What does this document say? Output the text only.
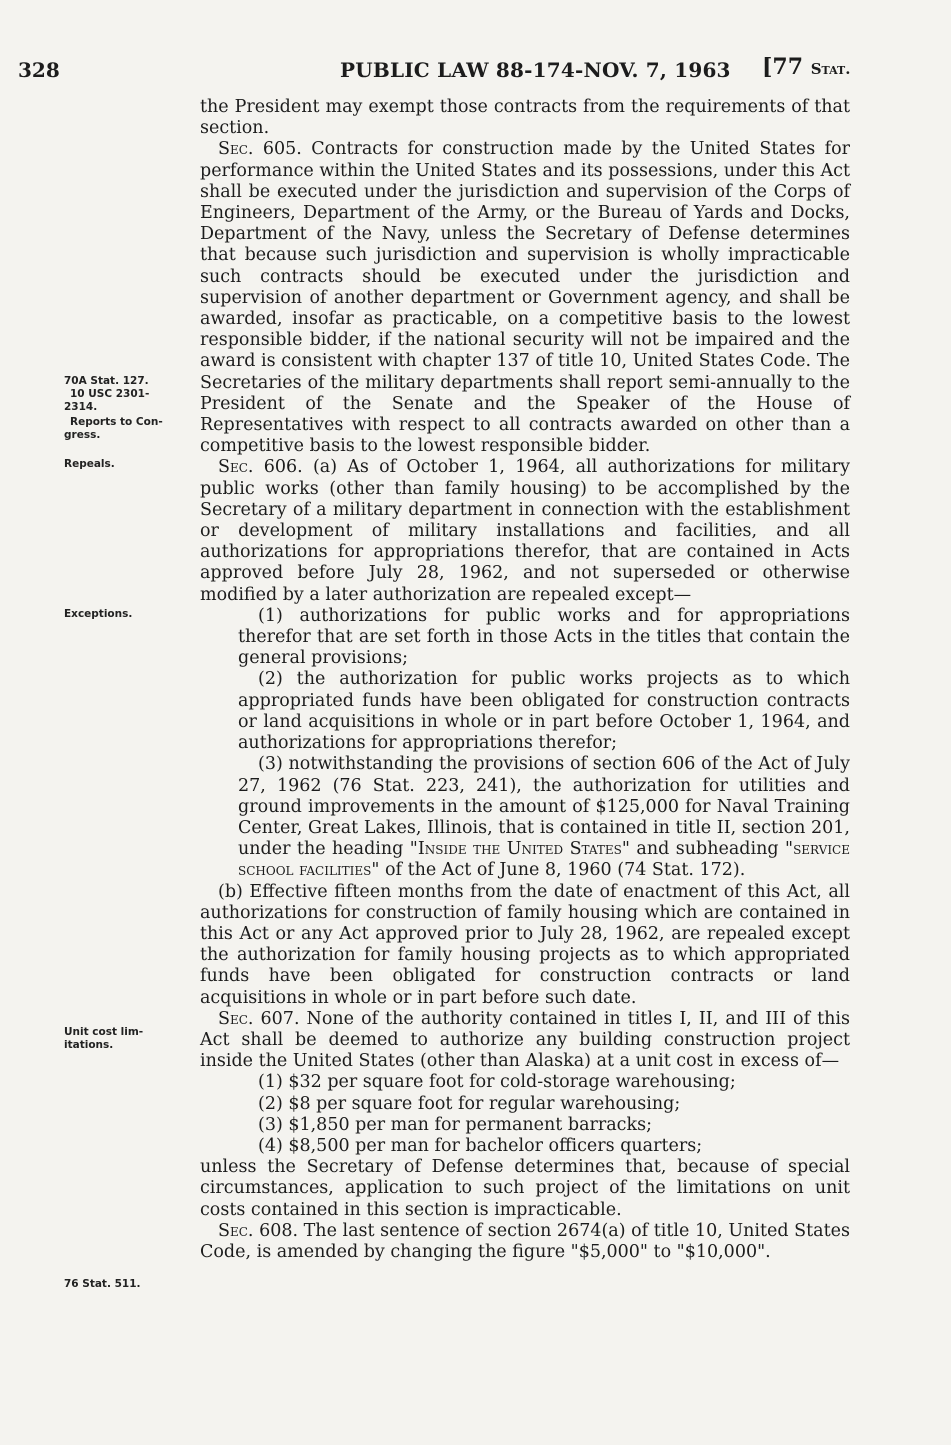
328	PUBLIC LAW 88-174-NOV. 7, 1963 [77 Stat.
70A Stat. 127.
10 USC 2301-
2314.
Reports to Con-
gress.
Repeals.
Exceptions.
Unit cost lim-
itations.
76 Stat. 511.

the President may exempt those contracts from the requirements of that section.

Sec. 605. Contracts for construction made by the United States for performance within the United States and its possessions, under this Act shall be executed under the jurisdiction and supervision of the Corps of Engineers, Department of the Army, or the Bureau of Yards and Docks, Department of the Navy, unless the Secretary of Defense determines that because such jurisdiction and supervision is wholly impracticable such contracts should be executed under the jurisdiction and supervision of another department or Government agency, and shall be awarded, insofar as practicable, on a competitive basis to the lowest responsible bidder, if the national security will not be impaired and the award is consistent with chapter 137 of title 10, United States Code. The Secretaries of the military departments shall report semi-annually to the President of the Senate and the Speaker of the House of Representatives with respect to all contracts awarded on other than a competitive basis to the lowest responsible bidder.

Sec. 606. (a) As of October 1, 1964, all authorizations for military public works (other than family housing) to be accomplished by the Secretary of a military department in connection with the establishment or development of military installations and facilities, and all authorizations for appropriations therefor, that are contained in Acts approved before July 28, 1962, and not superseded or otherwise modified by a later authorization are repealed except—

(1) authorizations for public works and for appropriations therefor that are set forth in those Acts in the titles that contain the general provisions;

(2) the authorization for public works projects as to which appropriated funds have been obligated for construction contracts or land acquisitions in whole or in part before October 1, 1964, and authorizations for appropriations therefor;

(3) notwithstanding the provisions of section 606 of the Act of July 27, 1962 (76 Stat. 223, 241), the authorization for utilities and ground improvements in the amount of $125,000 for Naval Training Center, Great Lakes, Illinois, that is contained in title II, section 201, under the heading "Inside the United States" and subheading "service school facilities" of the Act of June 8, 1960 (74 Stat. 172).

(b) Effective fifteen months from the date of enactment of this Act, all authorizations for construction of family housing which are contained in this Act or any Act approved prior to July 28, 1962, are repealed except the authorization for family housing projects as to which appropriated funds have been obligated for construction contracts or land acquisitions in whole or in part before such date.

Sec. 607. None of the authority contained in titles I, II, and III of this Act shall be deemed to authorize any building construction project inside the United States (other than Alaska) at a unit cost in excess of—

(1) $32 per square foot for cold-storage warehousing;

(2) $8 per square foot for regular warehousing;

(3) $1,850 per man for permanent barracks;

(4) $8,500 per man for bachelor officers quarters;

unless the Secretary of Defense determines that, because of special circumstances, application to such project of the limitations on unit costs contained in this section is impracticable.

Sec. 608. The last sentence of section 2674(a) of title 10, United States Code, is amended by changing the figure "$5,000" to "$10,000".
